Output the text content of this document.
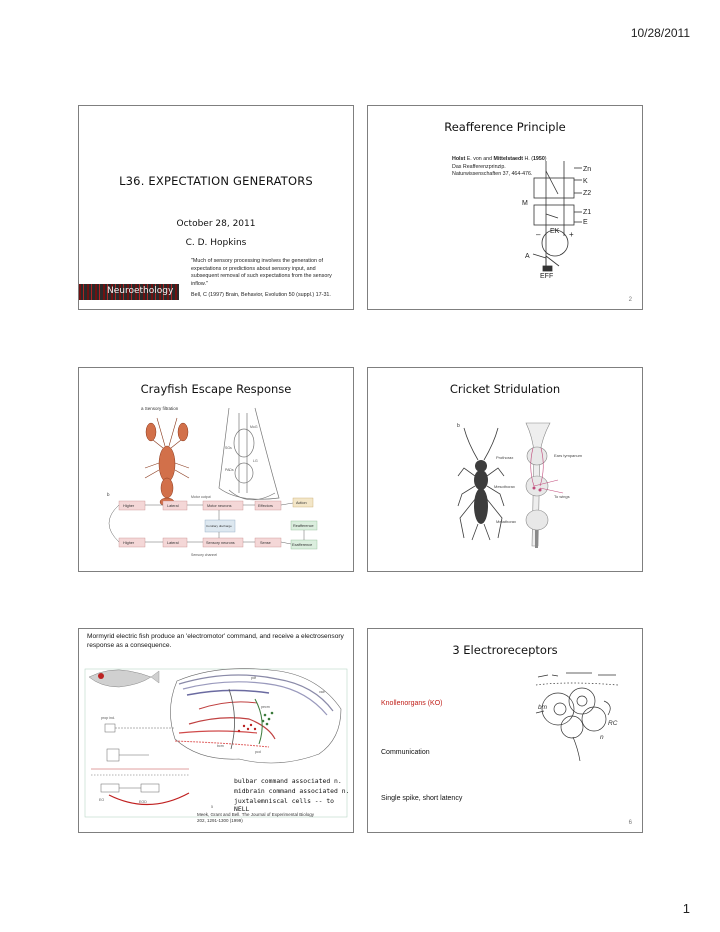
10/28/2011
L36. EXPECTATION GENERATORS
October 28, 2011
C. D. Hopkins
"Much of sensory processing involves the generation of expectations or predictions about sensory input, and subsequent removal of such expectations from the sensory inflow."
Bell, C (1997) Brain, Behavior, Evolution 50 (suppl.) 17-31.
Neuroethology
Reafference Principle
Holst E. von and Mittelstaedt H. (1950)
Das Reafferenzprinzip.
Naturwissenschaften 37, 464-476.
Zn
K
Z2
M
Z1
E
EK
A
EFF
–	+
2
Crayfish Escape Response
a Sensory filtration
MoG
SGs
LG
PADs
b	Motor output
Higher	Lateral	Motor neurons	Effectors
Action
Corollary discharge	Reafference
Higher	Lateral	Sensory neurons	Sense	Exafference
Sensory channel
Cricket Stridulation
b
Prothorax	Ears tympanum
Mesothorax
To wings
Metathorax
Mormyrid electric fish produce an 'electromotor' command, and receive a electrosensory response as a consequence.
pdf
valr
pecm
prop ind.
bcm
pcd
EO	EOD
bulbar command associated n.
midbrain command associated n.
juxtalemniscal cells -- to NELL
Meek, Grant and Bell. The Journal of Experimental Biology
202, 1291-1300 (1999)
5
3 Electroreceptors
Knollenorgans (KO)
Communication
Single spike, short latency
bm
RC
n
6
1
